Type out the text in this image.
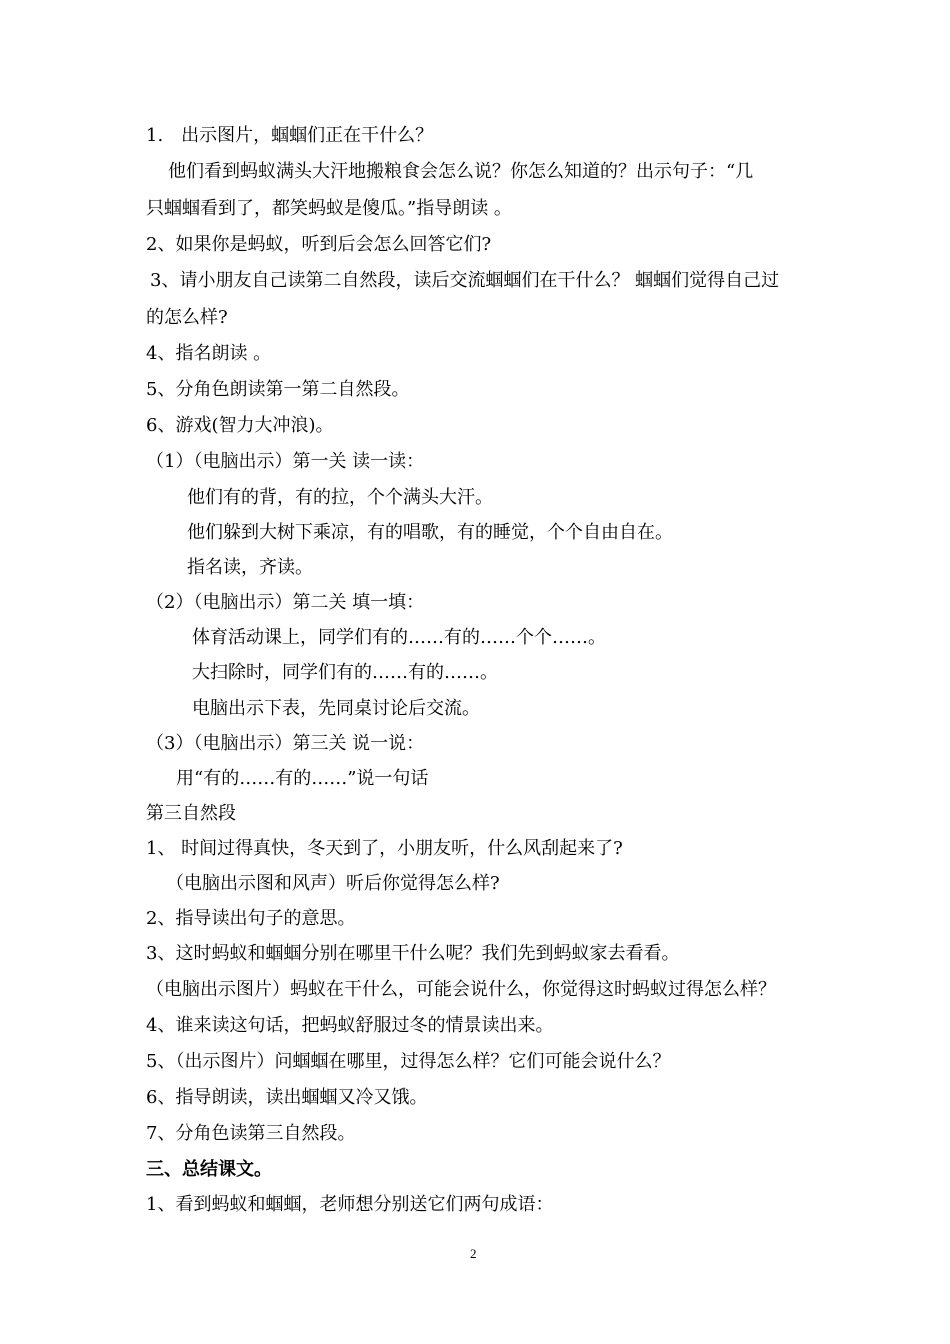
1.　出示图片，蝈蝈们正在干什么？
他们看到蚂蚁满头大汗地搬粮食会怎么说？你怎么知道的？出示句子：“几
只蝈蝈看到了，都笑蚂蚁是傻瓜。”指导朗读 。
2、如果你是蚂蚁，听到后会怎么回答它们?
3、请小朋友自己读第二自然段，读后交流蝈蝈们在干什么？ 蝈蝈们觉得自己过
的怎么样?
4、指名朗读 。
5、分角色朗读第一第二自然段。
6、游戏(智力大冲浪)。
（1）（电脑出示）第一关 读一读：
他们有的背，有的拉，个个满头大汗。
他们躲到大树下乘凉，有的唱歌，有的睡觉，个个自由自在。
指名读，齐读。
（2）（电脑出示）第二关 填一填：
体育活动课上，同学们有的……有的……个个……。
大扫除时，同学们有的……有的……。
电脑出示下表，先同桌讨论后交流。
（3）（电脑出示）第三关 说一说：
用“有的……有的……”说一句话
第三自然段
1、 时间过得真快，冬天到了，小朋友听，什么风刮起来了?
（电脑出示图和风声）听后你觉得怎么样?
2、指导读出句子的意思。
3、这时蚂蚁和蝈蝈分别在哪里干什么呢？我们先到蚂蚁家去看看。
（电脑出示图片）蚂蚁在干什么，可能会说什么，你觉得这时蚂蚁过得怎么样？
4、谁来读这句话，把蚂蚁舒服过冬的情景读出来。
5、（出示图片）问蝈蝈在哪里，过得怎么样？它们可能会说什么？
6、指导朗读，读出蝈蝈又冷又饿。
7、分角色读第三自然段。
三、总结课文。
1、看到蚂蚁和蝈蝈，老师想分别送它们两句成语：
2
